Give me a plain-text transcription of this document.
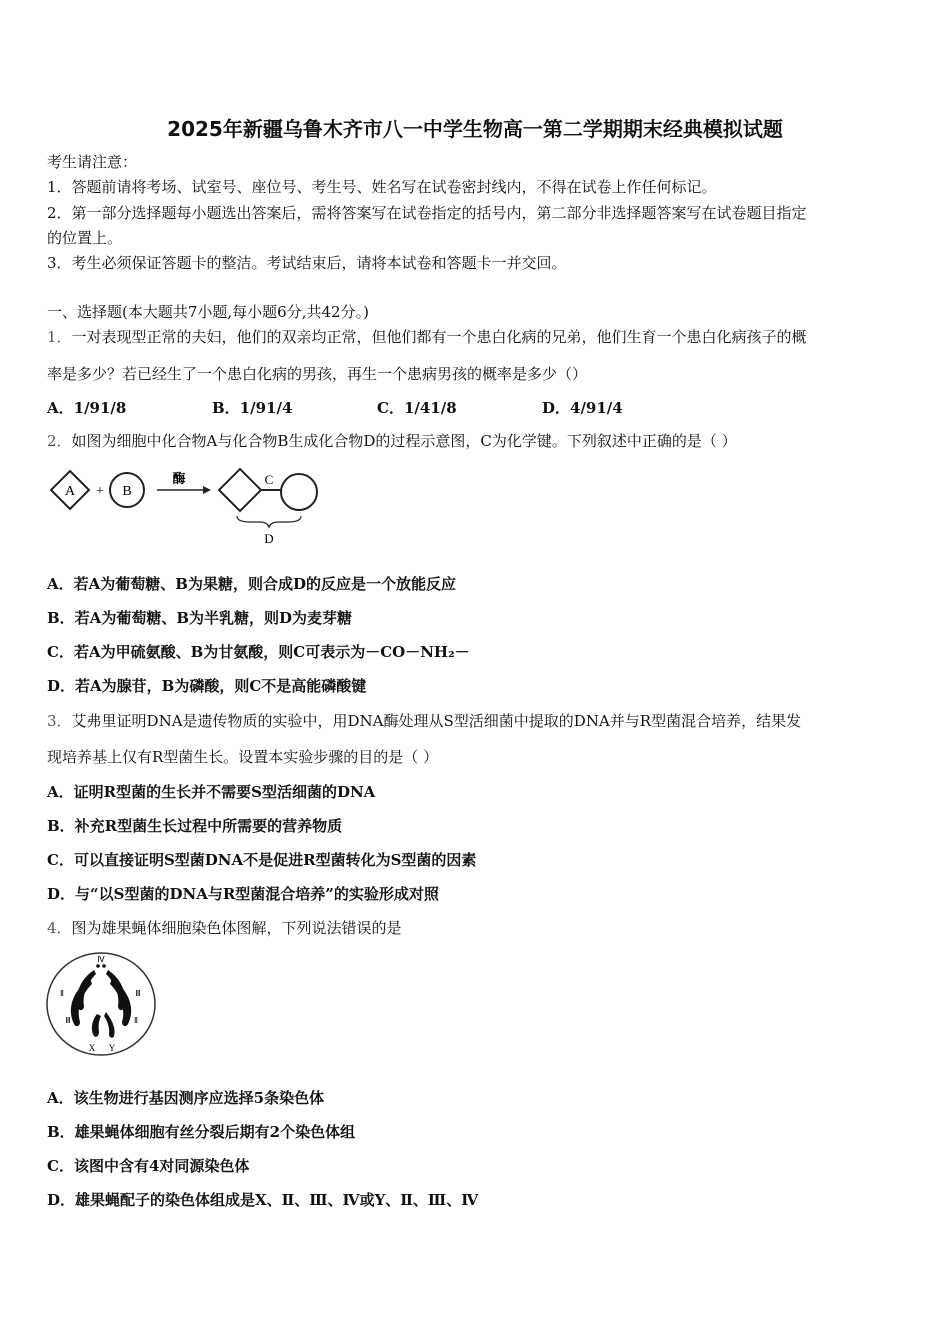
2025年新疆乌鲁木齐市八一中学生物高一第二学期期末经典模拟试题
考生请注意：
1．答题前请将考场、试室号、座位号、考生号、姓名写在试卷密封线内，不得在试卷上作任何标记。
2．第一部分选择题每小题选出答案后，需将答案写在试卷指定的括号内，第二部分非选择题答案写在试卷题目指定
的位置上。
3．考生必须保证答题卡的整洁。考试结束后，请将本试卷和答题卡一并交回。
一、选择题(本大题共7小题,每小题6分,共42分。)
1．一对表现型正常的夫妇，他们的双亲均正常，但他们都有一个患白化病的兄弟，他们生育一个患白化病孩子的概
率是多少？若已经生了一个患白化病的男孩，再生一个患病男孩的概率是多少（）
A．1/91/8	B．1/91/4	C．1/41/8	D．4/91/4
2．如图为细胞中化合物A与化合物B生成化合物D的过程示意图，C为化学键。下列叙述中正确的是（ ）
A + B
酶	C
D
A．若A为葡萄糖、B为果糖，则合成D的反应是一个放能反应
B．若A为葡萄糖、B为半乳糖，则D为麦芽糖
C．若A为甲硫氨酸、B为甘氨酸，则C可表示为－CO－NH₂－
D．若A为腺苷，B为磷酸，则C不是高能磷酸键
3．艾弗里证明DNA是遗传物质的实验中，用DNA酶处理从S型活细菌中提取的DNA并与R型菌混合培养，结果发
现培养基上仅有R型菌生长。设置本实验步骤的目的是（ ）
A．证明R型菌的生长并不需要S型活细菌的DNA
B．补充R型菌生长过程中所需要的营养物质
C．可以直接证明S型菌DNA不是促进R型菌转化为S型菌的因素
D．与“以S型菌的DNA与R型菌混合培养”的实验形成对照
4．图为雄果蝇体细胞染色体图解，下列说法错误的是
Ⅳ
Ⅱ	Ⅲ
Ⅲ	Ⅱ
X Y
A．该生物进行基因测序应选择5条染色体
B．雄果蝇体细胞有丝分裂后期有2个染色体组
C．该图中含有4对同源染色体
D．雄果蝇配子的染色体组成是X、Ⅱ、Ⅲ、Ⅳ或Y、Ⅱ、Ⅲ、Ⅳ
